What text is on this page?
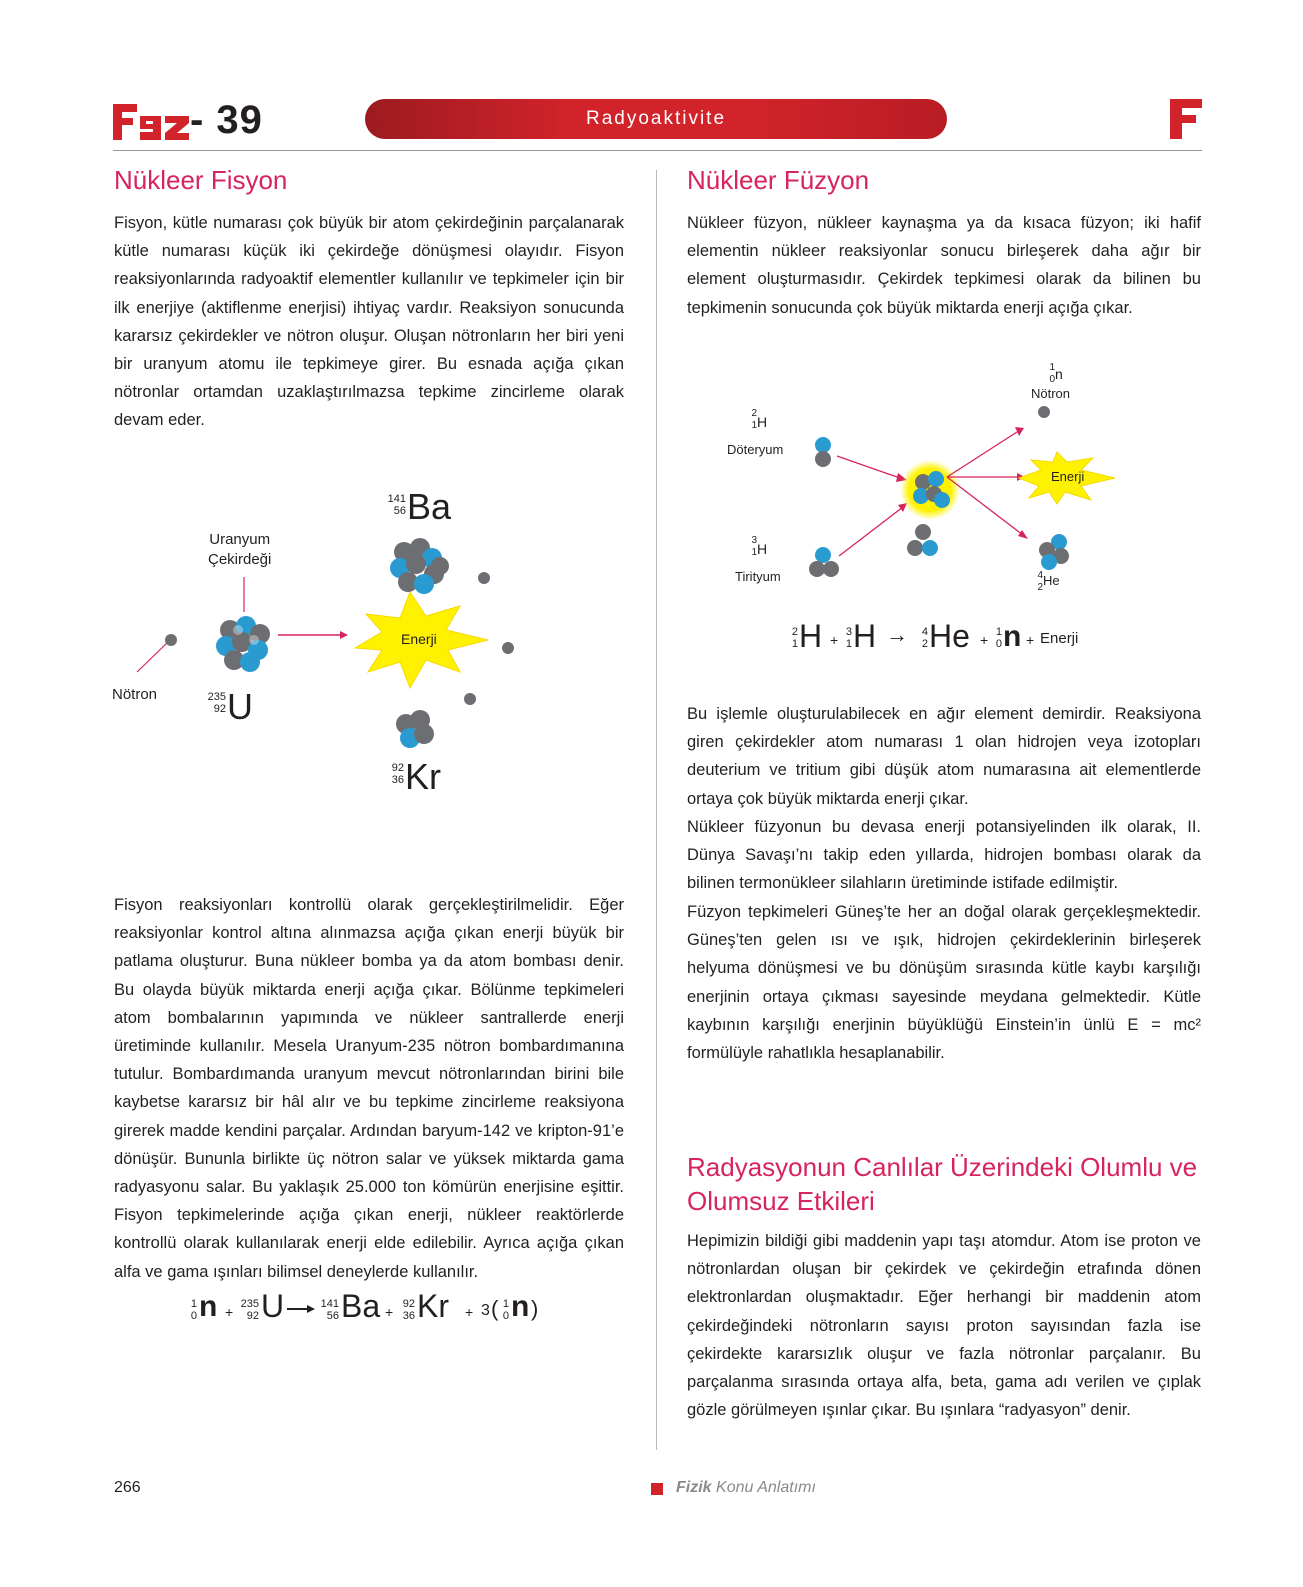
- 39	Radyoaktivite
Nükleer Fisyon

Fisyon, kütle numarası çok büyük bir atom çekirdeğinin parçalanarak kütle numarası küçük iki çekirdeğe dönüşmesi olayıdır. Fisyon reaksiyonlarında radyoaktif elementler kullanılır ve tepkimeler için bir ilk enerjiye (aktiflenme enerjisi) ihtiyaç vardır. Reaksiyon sonucunda kararsız çekirdekler ve nötron oluşur. Oluşan nötronların her biri yeni bir uranyum atomu ile tepkimeye girer. Bu esnada açığa çıkan nötronlar ortamdan uzaklaştırılmazsa tepkime zincirleme olarak devam eder.

Uranyum
Çekirdeği
Nötron
Enerji
235
92 U
141
56 Ba
92
36 Kr

Fisyon reaksiyonları kontrollü olarak gerçekleştirilmelidir. Eğer reaksiyonlar kontrol altına alınmazsa açığa çıkan enerji büyük bir patlama oluşturur. Buna nükleer bomba ya da atom bombası denir. Bu olayda büyük miktarda enerji açığa çıkar. Bölünme tepkimeleri atom bombalarının yapımında ve nükleer santrallerde enerji üretiminde kullanılır. Mesela Uranyum-235 nötron bombardımanına tutulur. Bombardımanda uranyum mevcut nötronlarından birini bile kaybetse kararsız bir hâl alır ve bu tepkime zincirleme reaksiyona girerek madde kendini parçalar. Ardından baryum-142 ve kripton-91’e dönüşür. Bununla birlikte üç nötron salar ve yüksek miktarda gama radyasyonu salar. Bu yaklaşık 25.000 ton kömürün enerjisine eşittir. Fisyon tepkimelerinde açığa çıkan enerji, nükleer reaktörlerde kontrollü olarak kullanılarak enerji elde edilebilir. Ayrıca açığa çıkan alfa ve gama ışınları bilimsel deneylerde kullanılır.

1
0 n + 235
92 U	141
56 Ba + 92
36 Kr + 3 ( 1
0 n )
Nükleer Füzyon

Nükleer füzyon, nükleer kaynaşma ya da kısaca füzyon; iki hafif elementin nükleer reaksiyonlar sonucu birleşerek daha ağır bir element oluşturmasıdır. Çekirdek tepkimesi olarak da bilinen bu tepkimenin sonucunda çok büyük miktarda enerji açığa çıkar.

2
1 H
Döteryum
3
1 H
Tirityum
1
0 n
Nötron
Enerji
4
2 He
2
1 H + 3
1 H → 4
2 He + 1
0 n + Enerji

Bu işlemle oluşturulabilecek en ağır element demirdir. Reaksiyona giren çekirdekler atom numarası 1 olan hidrojen veya izotopları deuterium ve tritium gibi düşük atom numarasına ait elementlerde ortaya çok büyük miktarda enerji çıkar.

Nükleer füzyonun bu devasa enerji potansiyelinden ilk olarak, II. Dünya Savaşı’nı takip eden yıllarda, hidrojen bombası olarak da bilinen termonükleer silahların üretiminde istifade edilmiştir.

Füzyon tepkimeleri Güneş’te her an doğal olarak gerçekleşmektedir. Güneş’ten gelen ısı ve ışık, hidrojen çekirdeklerinin birleşerek helyuma dönüşmesi ve bu dönüşüm sırasında kütle kaybı karşılığı enerjinin ortaya çıkması sayesinde meydana gelmektedir. Kütle kaybının karşılığı enerjinin büyüklüğü Einstein’in ünlü E = mc² formülüyle rahatlıkla hesaplanabilir.

Radyasyonun Canlılar Üzerindeki Olumlu ve
Olumsuz Etkileri

Hepimizin bildiği gibi maddenin yapı taşı atomdur. Atom ise proton ve nötronlardan oluşan bir çekirdek ve çekirdeğin etrafında dönen elektronlardan oluşmaktadır. Eğer herhangi bir maddenin atom çekirdeğindeki nötronların sayısı proton sayısından fazla ise çekirdekte kararsızlık oluşur ve fazla nötronlar parçalanır. Bu parçalanma sırasında ortaya alfa, beta, gama adı verilen ve çıplak gözle görülmeyen ışınlar çıkar. Bu ışınlara “radyasyon” denir.

266	Fizik Konu Anlatımı
